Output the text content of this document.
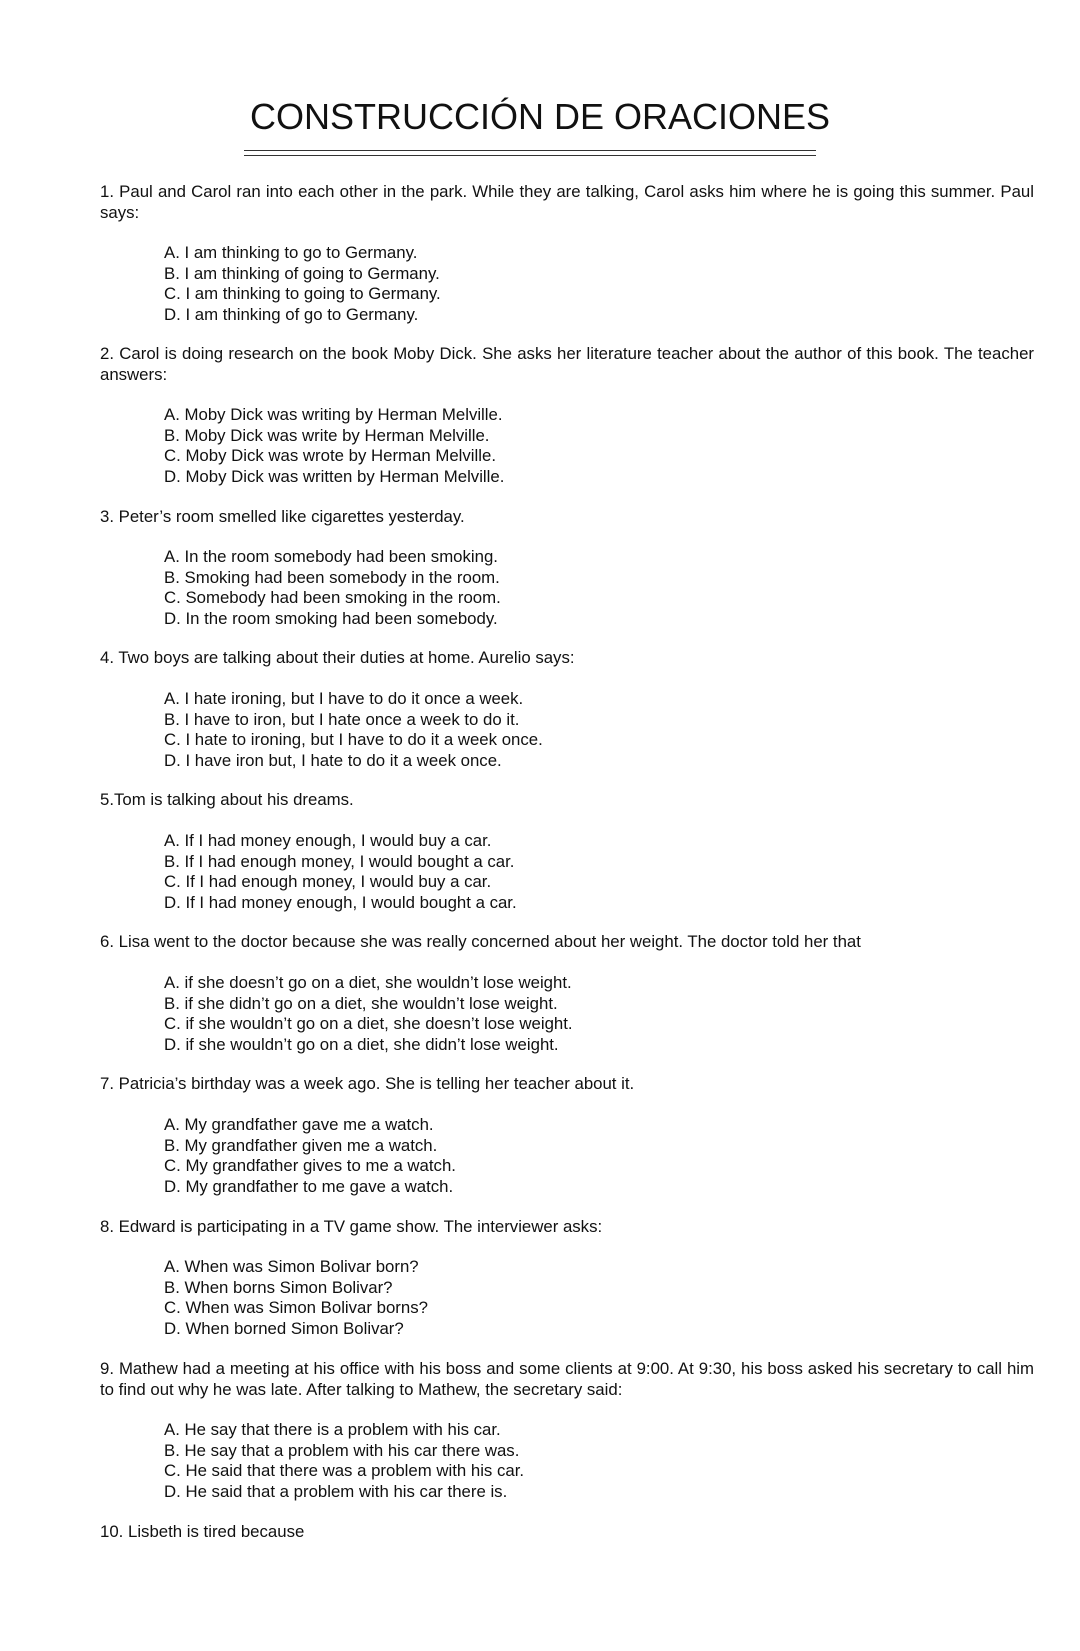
CONSTRUCCIÓN DE ORACIONES

1. Paul and Carol ran into each other in the park. While they are talking, Carol asks him where he is going this summer. Paul says:

A. I am thinking to go to Germany.
B. I am thinking of going to Germany.
C. I am thinking to going to Germany.
D. I am thinking of go to Germany.

2. Carol is doing research on the book Moby Dick. She asks her literature teacher about the author of this book. The teacher answers:

A. Moby Dick was writing by Herman Melville.
B. Moby Dick was write by Herman Melville.
C. Moby Dick was wrote by Herman Melville.
D. Moby Dick was written by Herman Melville.

3. Peter’s room smelled like cigarettes yesterday.

A. In the room somebody had been smoking.
B. Smoking had been somebody in the room.
C. Somebody had been smoking in the room.
D. In the room smoking had been somebody.

4. Two boys are talking about their duties at home. Aurelio says:

A. I hate ironing, but I have to do it once a week.
B. I have to iron, but I hate once a week to do it.
C. I hate to ironing, but I have to do it a week once.
D. I have iron but, I hate to do it a week once.

5.Tom is talking about his dreams.

A. If I had money enough, I would buy a car.
B. If I had enough money, I would bought a car.
C. If I had enough money, I would buy a car.
D. If I had money enough, I would bought a car.

6. Lisa went to the doctor because she was really concerned about her weight. The doctor told her that

A. if she doesn’t go on a diet, she wouldn’t lose weight.
B. if she didn’t go on a diet, she wouldn’t lose weight.
C. if she wouldn’t go on a diet, she doesn’t lose weight.
D. if she wouldn’t go on a diet, she didn’t lose weight.

7. Patricia’s birthday was a week ago. She is telling her teacher about it.

A. My grandfather gave me a watch.
B. My grandfather given me a watch.
C. My grandfather gives to me a watch.
D. My grandfather to me gave a watch.

8. Edward is participating in a TV game show. The interviewer asks:

A. When was Simon Bolivar born?
B. When borns Simon Bolivar?
C. When was Simon Bolivar borns?
D. When borned Simon Bolivar?

9. Mathew had a meeting at his office with his boss and some clients at 9:00. At 9:30, his boss asked his secretary to call him to find out why he was late. After talking to Mathew, the secretary said:

A. He say that there is a problem with his car.
B. He say that a problem with his car there was.
C. He said that there was a problem with his car.
D. He said that a problem with his car there is.

10. Lisbeth is tired because
